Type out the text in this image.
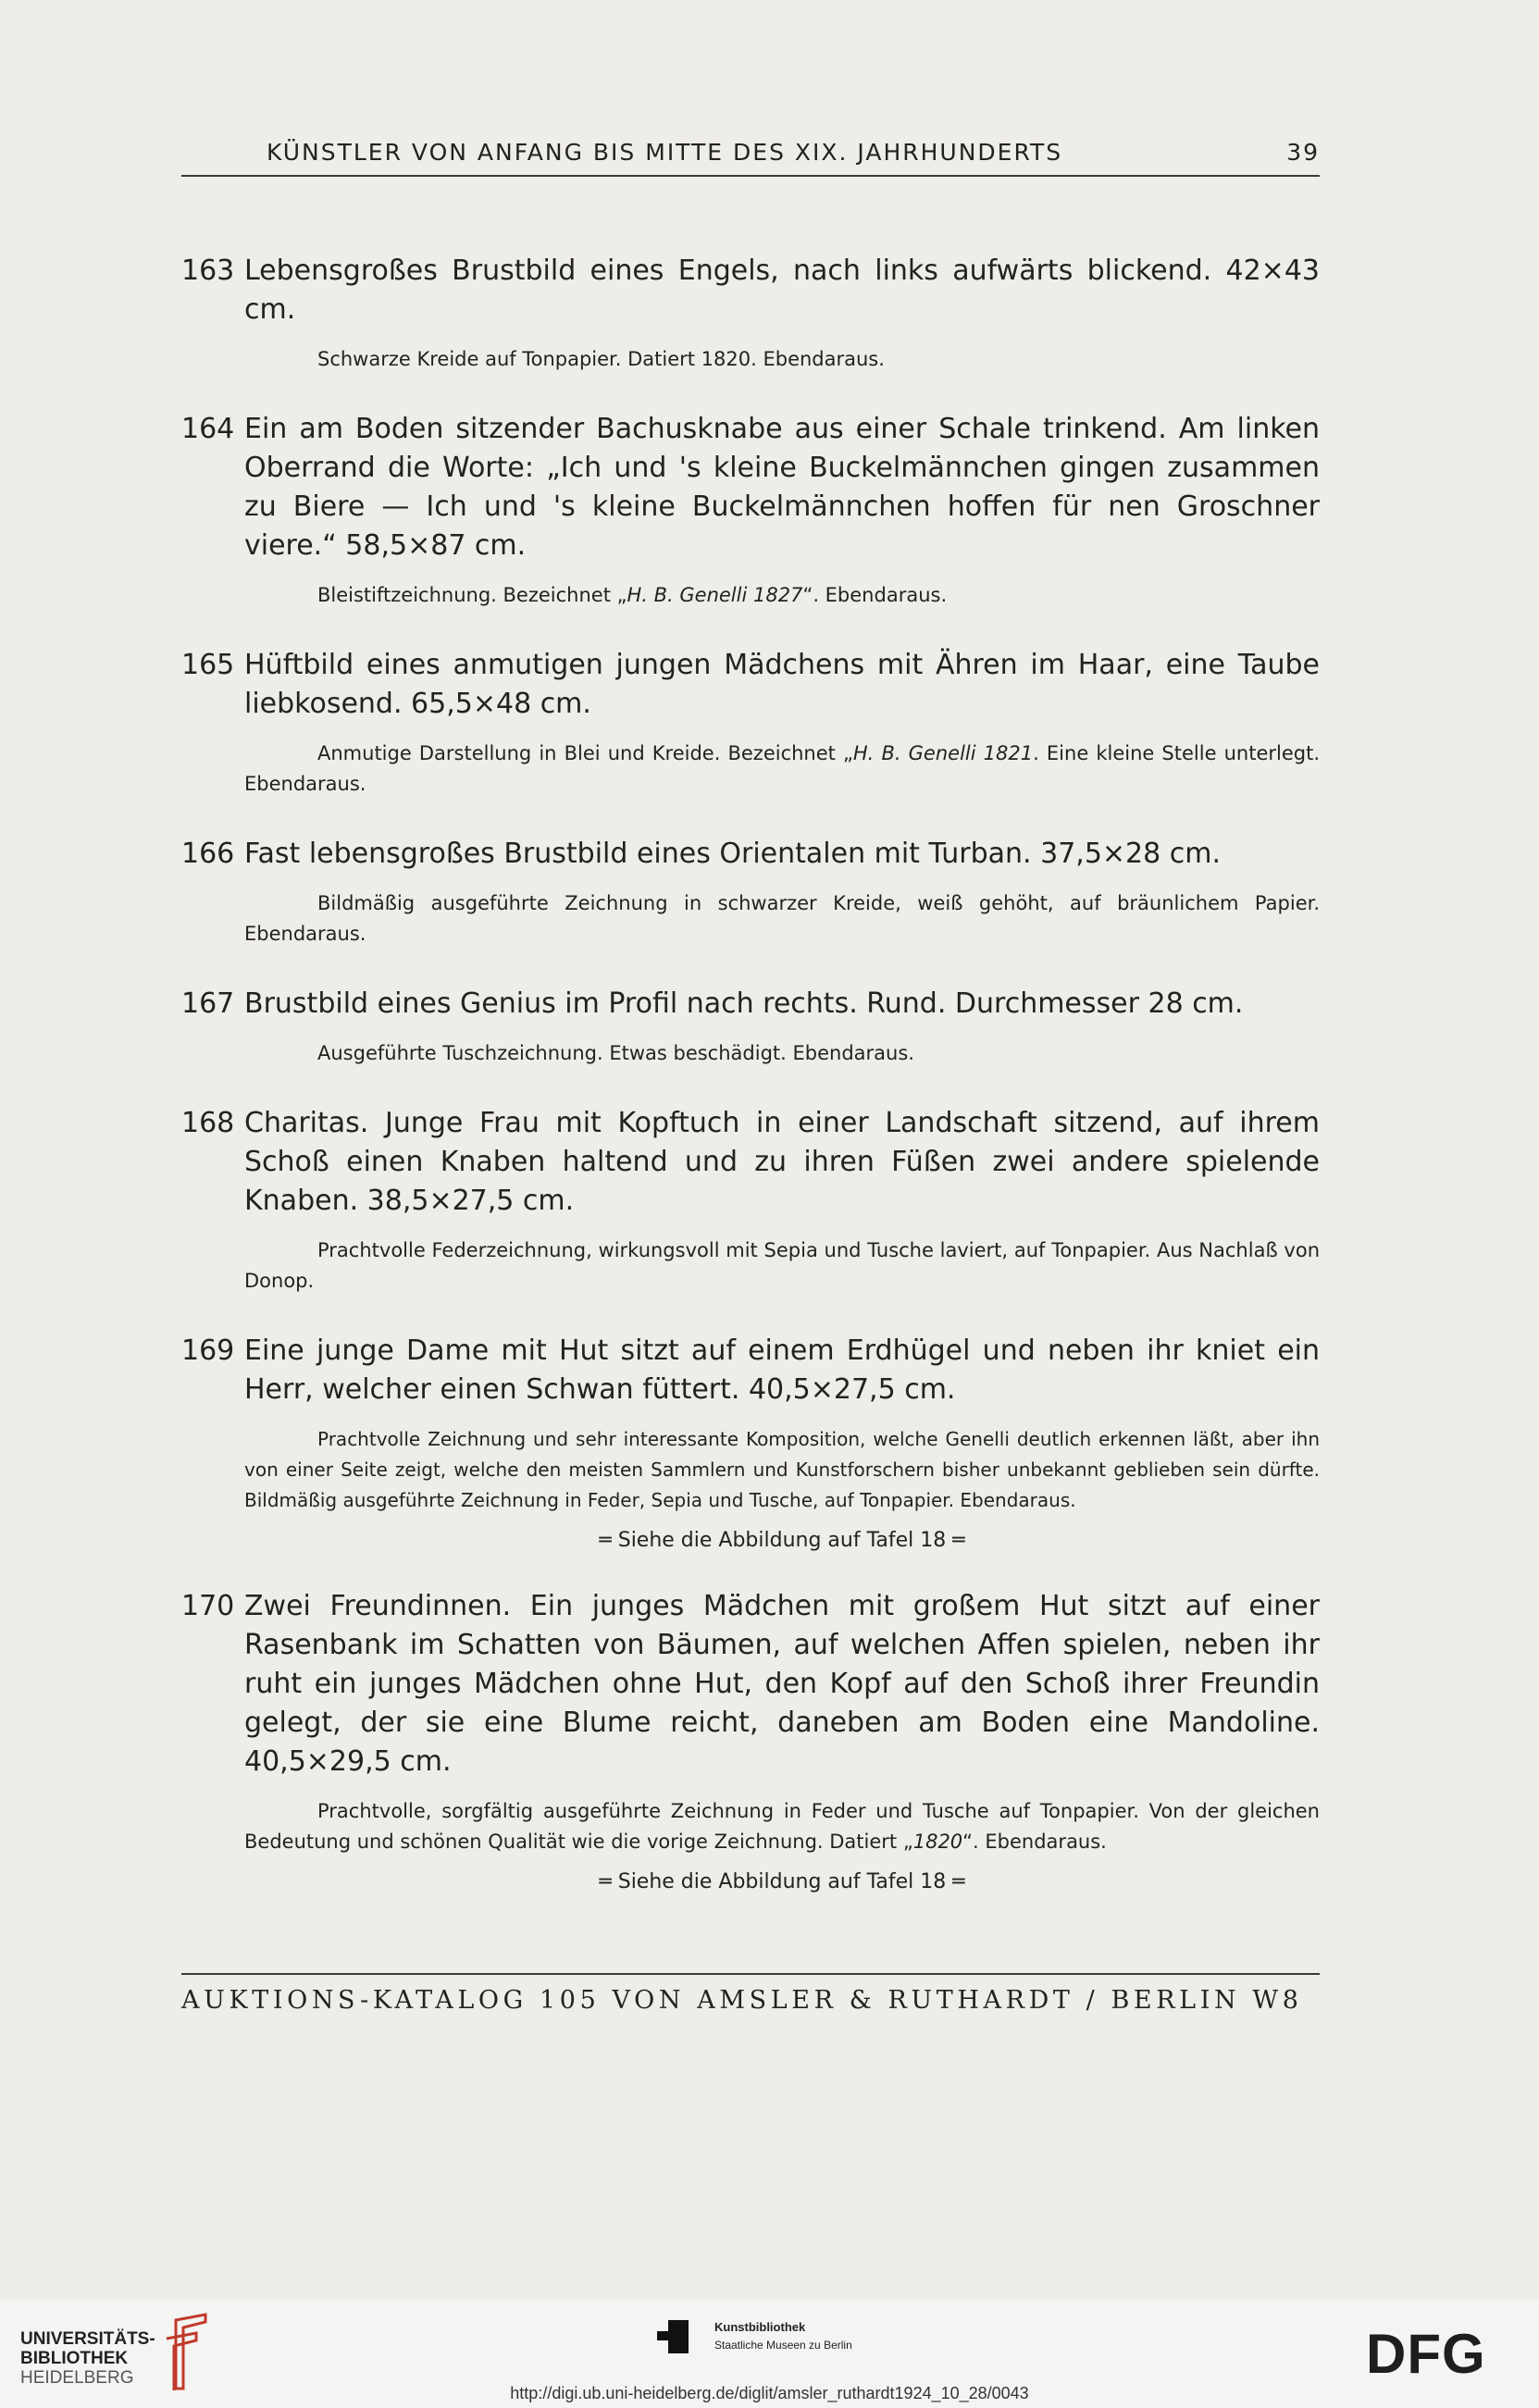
KÜNSTLER VON ANFANG BIS MITTE DES XIX. JAHRHUNDERTS	39
163 Lebensgroßes Brustbild eines Engels, nach links aufwärts blickend. 42×43 cm.
Schwarze Kreide auf Tonpapier. Datiert 1820. Ebendaraus.
164 Ein am Boden sitzender Bachusknabe aus einer Schale trinkend. Am linken Oberrand die Worte: „Ich und 's kleine Buckelmännchen gingen zusammen zu Biere — Ich und 's kleine Buckelmännchen hoffen für nen Groschner viere.“ 58,5×87 cm.
Bleistiftzeichnung. Bezeichnet „H. B. Genelli 1827“. Ebendaraus.
165 Hüftbild eines anmutigen jungen Mädchens mit Ähren im Haar, eine Taube liebkosend. 65,5×48 cm.
Anmutige Darstellung in Blei und Kreide. Bezeichnet „H. B. Genelli 1821. Eine kleine Stelle unterlegt. Ebendaraus.
166 Fast lebensgroßes Brustbild eines Orientalen mit Turban. 37,5×28 cm.
Bildmäßig ausgeführte Zeichnung in schwarzer Kreide, weiß gehöht, auf bräunlichem Papier. Ebendaraus.
167 Brustbild eines Genius im Profil nach rechts. Rund. Durchmesser 28 cm.
Ausgeführte Tuschzeichnung. Etwas beschädigt. Ebendaraus.
168 Charitas. Junge Frau mit Kopftuch in einer Landschaft sitzend, auf ihrem Schoß einen Knaben haltend und zu ihren Füßen zwei andere spielende Knaben. 38,5×27,5 cm.
Prachtvolle Federzeichnung, wirkungsvoll mit Sepia und Tusche laviert, auf Tonpapier. Aus Nachlaß von Donop.
169 Eine junge Dame mit Hut sitzt auf einem Erdhügel und neben ihr kniet ein Herr, welcher einen Schwan füttert. 40,5×27,5 cm.
Prachtvolle Zeichnung und sehr interessante Komposition, welche Genelli deutlich erkennen läßt, aber ihn von einer Seite zeigt, welche den meisten Sammlern und Kunstforschern bisher unbekannt geblieben sein dürfte. Bildmäßig ausgeführte Zeichnung in Feder, Sepia und Tusche, auf Tonpapier. Ebendaraus.
═ Siehe die Abbildung auf Tafel 18 ═
170 Zwei Freundinnen. Ein junges Mädchen mit großem Hut sitzt auf einer Rasenbank im Schatten von Bäumen, auf welchen Affen spielen, neben ihr ruht ein junges Mädchen ohne Hut, den Kopf auf den Schoß ihrer Freundin gelegt, der sie eine Blume reicht, daneben am Boden eine Mandoline. 40,5×29,5 cm.
Prachtvolle, sorgfältig ausgeführte Zeichnung in Feder und Tusche auf Tonpapier. Von der gleichen Bedeutung und schönen Qualität wie die vorige Zeichnung. Datiert „1820“. Ebendaraus.
═ Siehe die Abbildung auf Tafel 18 ═
AUKTIONS-KATALOG 105 VON AMSLER & RUTHARDT / BERLIN W8
UNIVERSITÄTS-
BIBLIOTHEK
HEIDELBERG
Kunstbibliothek
Staatliche Museen zu Berlin	DFG
http://digi.ub.uni-heidelberg.de/diglit/amsler_ruthardt1924_10_28/0043
